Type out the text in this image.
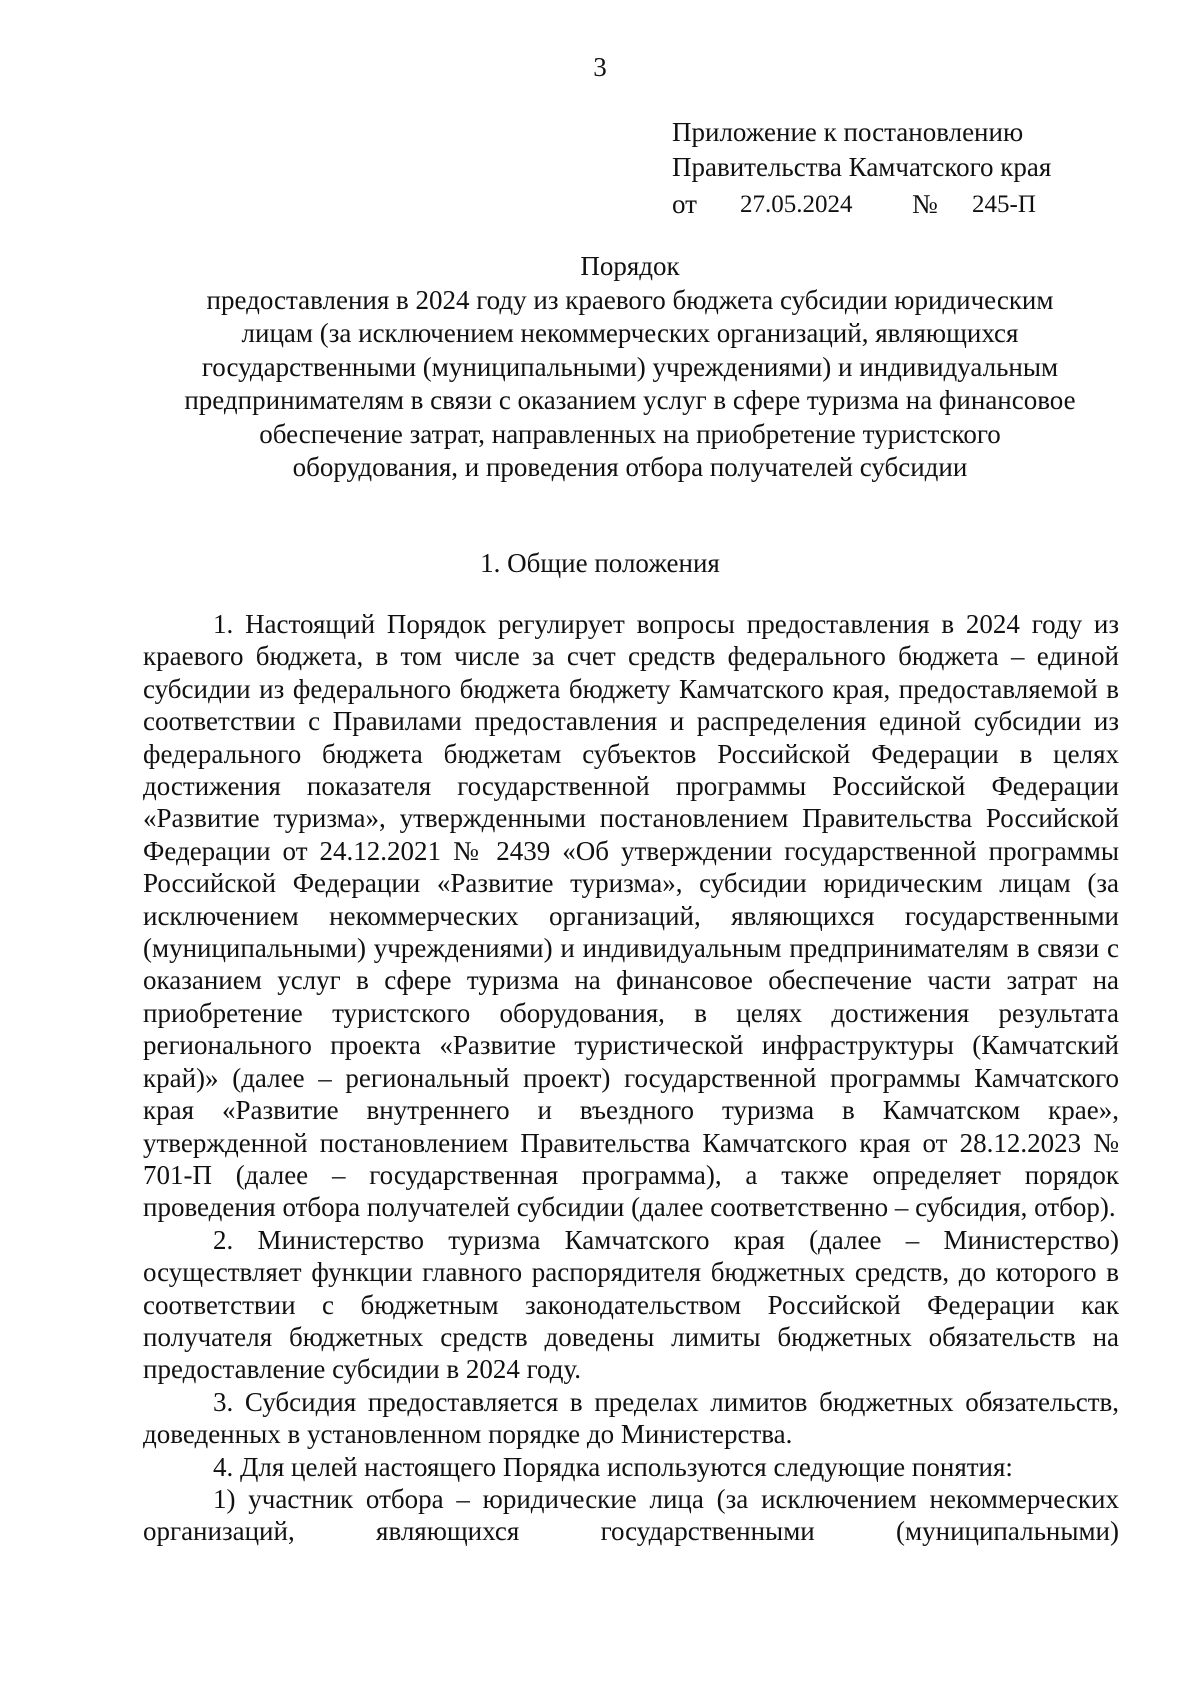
3
Приложение к постановлению
Правительства Камчатского края
от 27.05.2024 № 245-П
Порядок
предоставления в 2024 году из краевого бюджета субсидии юридическим
лицам (за исключением некоммерческих организаций, являющихся
государственными (муниципальными) учреждениями) и индивидуальным
предпринимателям в связи с оказанием услуг в сфере туризма на финансовое
обеспечение затрат, направленных на приобретение туристского
оборудования, и проведения отбора получателей субсидии
1. Общие положения

1. Настоящий Порядок регулирует вопросы предоставления в 2024 году из краевого бюджета, в том числе за счет средств федерального бюджета – единой субсидии из федерального бюджета бюджету Камчатского края, предоставляемой в соответствии с Правилами предоставления и распределения единой субсидии из федерального бюджета бюджетам субъектов Российской Федерации в целях достижения показателя государственной программы Российской Федерации «Развитие туризма», утвержденными постановлением Правительства Российской Федерации от 24.12.2021 № 2439 «Об утверждении государственной программы Российской Федерации «Развитие туризма», субсидии юридическим лицам (за исключением некоммерческих организаций, являющихся государственными (муниципальными) учреждениями) и индивидуальным предпринимателям в связи с оказанием услуг в сфере туризма на финансовое обеспечение части затрат на приобретение туристского оборудования, в целях достижения результата регионального проекта «Развитие туристической инфраструктуры (Камчатский край)» (далее – региональный проект) государственной программы Камчатского края «Развитие внутреннего и въездного туризма в Камчатском крае», утвержденной постановлением Правительства Камчатского края от 28.12.2023 № 701-П (далее – государственная программа), а также определяет порядок проведения отбора получателей субсидии (далее соответственно – субсидия, отбор).

2. Министерство туризма Камчатского края (далее – Министерство) осуществляет функции главного распорядителя бюджетных средств, до которого в соответствии с бюджетным законодательством Российской Федерации как получателя бюджетных средств доведены лимиты бюджетных обязательств на предоставление субсидии в 2024 году.

3. Субсидия предоставляется в пределах лимитов бюджетных обязательств, доведенных в установленном порядке до Министерства.

4. Для целей настоящего Порядка используются следующие понятия:

1) участник отбора – юридические лица (за исключением некоммерческих организаций, являющихся государственными (муниципальными)
